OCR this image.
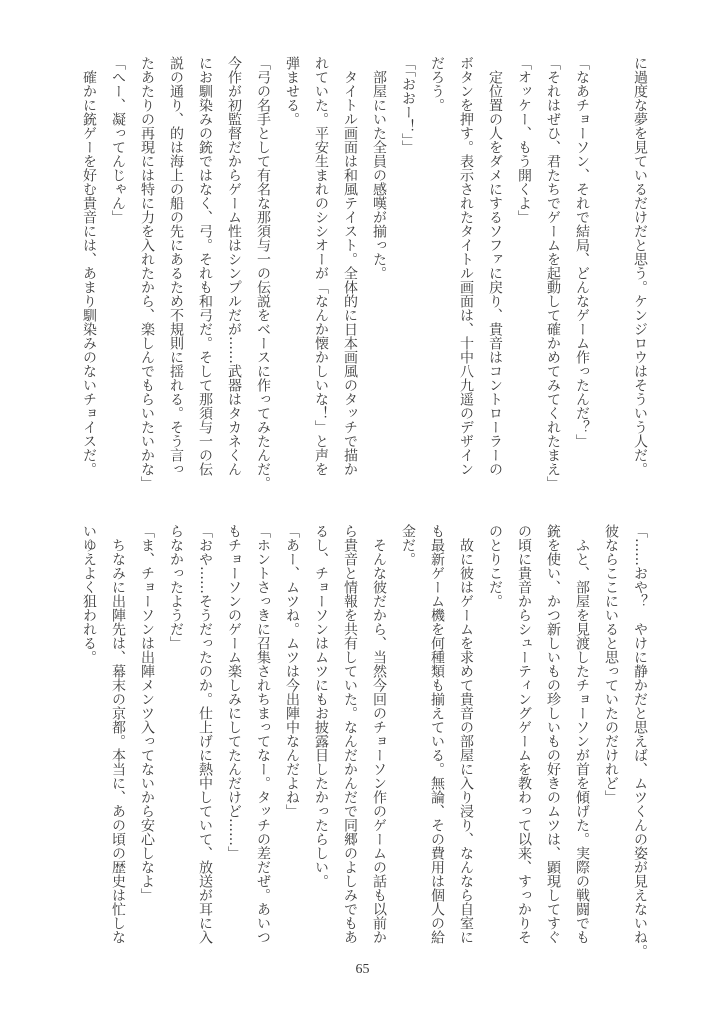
に過度な夢を見ているだけだと思う。ケンジロウはそういう人だ。
「なあチョーソン、それで結局、どんなゲーム作ったんだ？」
「それはぜひ、君たちでゲームを起動して確かめてみてくれたまえ」
「オッケー、もう開くよ」
　定位置の人をダメにするソファに戻り、貴音はコントローラーの
ボタンを押す。表示されたタイトル画面は、十中八九遥のデザイン
だろう。
「「おおー！」」
　部屋にいた全員の感嘆が揃った。
　タイトル画面は和風テイスト。全体的に日本画風のタッチで描か
れていた。平安生まれのシシオーが「なんか懐かしいな！」と声を
弾ませる。
「弓の名手として有名な那須与一の伝説をベースに作ってみたんだ。
今作が初監督だからゲーム性はシンプルだが……武器はタカネくん
にお馴染みの銃ではなく、弓。それも和弓だ。そして那須与一の伝
説の通り、的は海上の船の先にあるため不規則に揺れる。そう言っ
たあたりの再現には特に力を入れたから、楽しんでもらいたいかな」
「へー、凝ってんじゃん」
　確かに銃ゲーを好む貴音には、あまり馴染みのないチョイスだ。
「……おや？　やけに静かだと思えば、ムツくんの姿が見えないね。
彼ならここにいると思っていたのだけれど」
　ふと、部屋を見渡したチョーソンが首を傾げた。実際の戦闘でも
銃を使い、かつ新しいもの珍しいもの好きのムツは、顕現してすぐ
の頃に貴音からシューティングゲームを教わって以来、すっかりそ
のとりこだ。
　故に彼はゲームを求めて貴音の部屋に入り浸り、なんなら自室に
も最新ゲーム機を何種類も揃えている。無論、その費用は個人の給
金だ。
　そんな彼だから、当然今回のチョーソン作のゲームの話も以前か
ら貴音と情報を共有していた。なんだかんだで同郷のよしみでもあ
るし、チョーソンはムツにもお披露目したかったらしい。
「あー、ムツね。ムツは今出陣中なんだよね」
「ホントさっきに召集されちまってなー。タッチの差だぜ。あいつ
もチョーソンのゲーム楽しみにしてたんだけど……」
「おや……そうだったのか。仕上げに熱中していて、放送が耳に入
らなかったようだ」
「ま、チョーソンは出陣メンツ入ってないから安心しなよ」
　ちなみに出陣先は、幕末の京都。本当に、あの頃の歴史は忙しな
いゆえよく狙われる。
65
